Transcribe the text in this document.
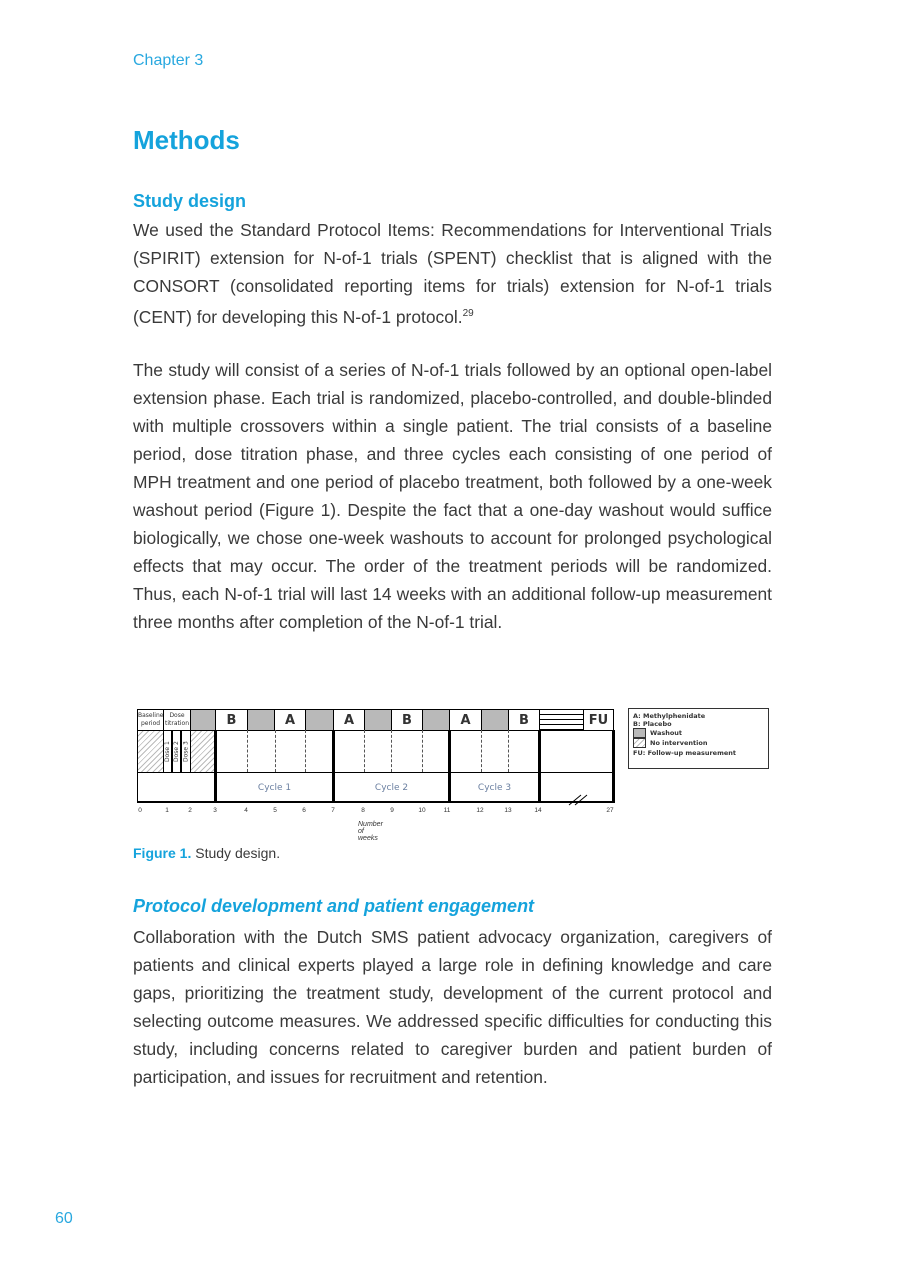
Chapter 3
Methods
Study design
We used the Standard Protocol Items: Recommendations for Interventional Trials (SPIRIT) extension for N-of-1 trials (SPENT) checklist that is aligned with the CONSORT (consolidated reporting items for trials) extension for N-of-1 trials (CENT) for developing this N-of-1 protocol.$^{29}$
The study will consist of a series of N-of-1 trials followed by an optional open-label extension phase. Each trial is randomized, placebo-controlled, and double-blinded with multiple crossovers within a single patient. The trial consists of a baseline period, dose titration phase, and three cycles each consisting of one period of MPH treatment and one period of placebo treatment, both followed by a one-week washout period (Figure 1). Despite the fact that a one-day washout would suffice biologically, we chose one-week washouts to account for prolonged psychological effects that may occur. The order of the treatment periods will be randomized. Thus, each N-of-1 trial will last 14 weeks with an additional follow-up measurement three months after completion of the N-of-1 trial.
Baseline period
Dose titration	B	A	A	B	A	B	FU
Dose 1 Dose 2 Dose 3
Cycle 1	Cycle 2	Cycle 3
0	1	2	3	4	5	6	7	8	9	10	11	12	13	14	27
Number of weeks
A: Methylphenidate
B: Placebo
Washout
No intervention
FU: Follow-up measurement
Figure 1. Study design.
Protocol development and patient engagement
Collaboration with the Dutch SMS patient advocacy organization, caregivers of patients and clinical experts played a large role in defining knowledge and care gaps, prioritizing the treatment study, development of the current protocol and selecting outcome measures. We addressed specific difficulties for conducting this study, including concerns related to caregiver burden and patient burden of participation, and issues for recruitment and retention.
60
